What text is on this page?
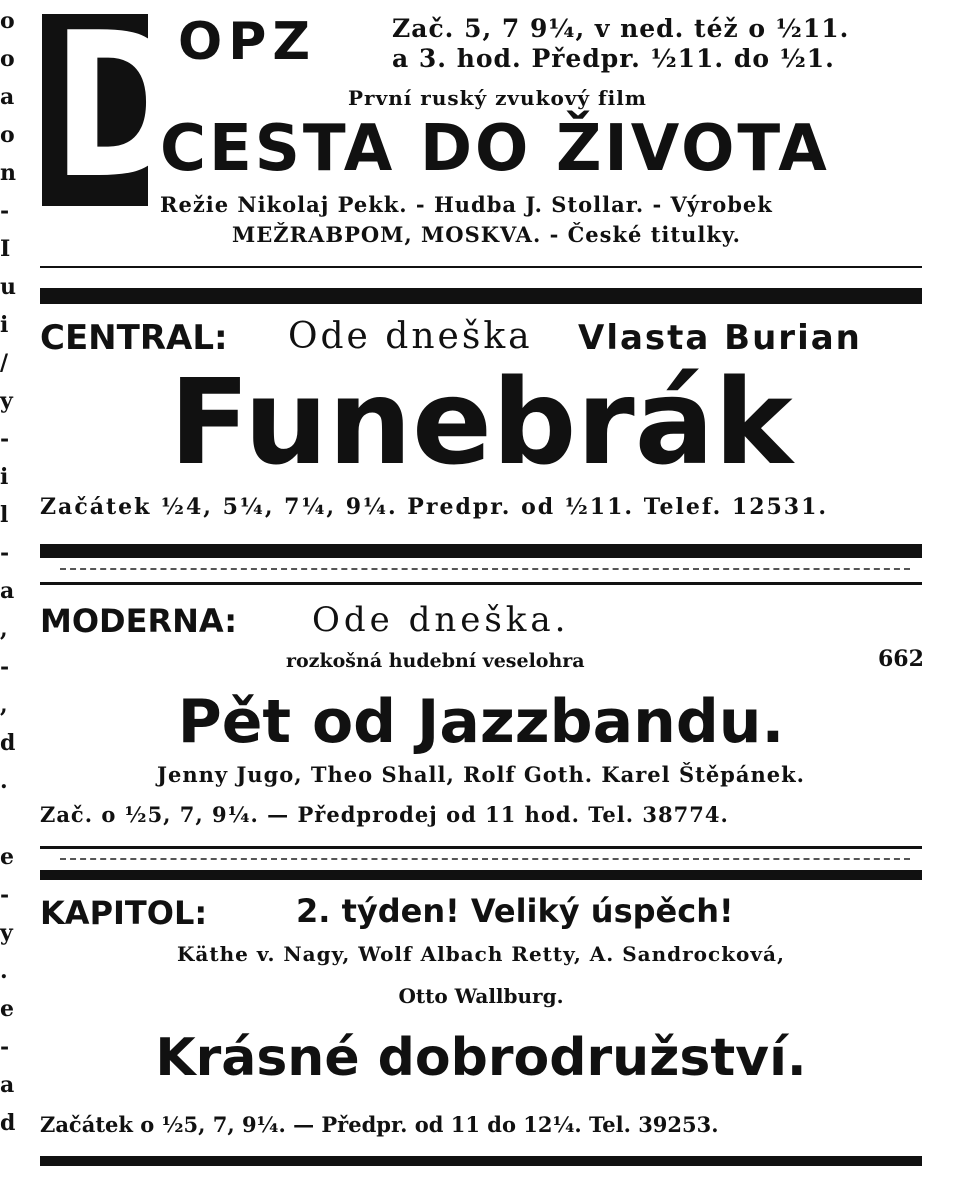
o
o
a
o
n
-
I
u
i
/
y
-
i
l
-
a
,
-
,
d
.
e
-
y
.
e
-
a
d
D
OPZ	Zač. 5, 7 9¼, v ned. též o ½11.
a 3. hod. Předpr. ½11. do ½1.
První ruský zvukový film
CESTA DO ŽIVOTA
Režie Nikolaj Pekk. - Hudba J. Stollar. - Výrobek
MEŽRABPOM, MOSKVA. - České titulky.
CENTRAL: Ode dneška Vlasta Burian
Funebrák
Začátek ½4, 5¼, 7¼, 9¼. Predpr. od ½11. Telef. 12531.
MODERNA: Ode dneška.
rozkošná hudební veselohra	662
Pět od Jazzbandu.
Jenny Jugo, Theo Shall, Rolf Goth. Karel Štěpánek.
Zač. o ½5, 7, 9¼. — Předprodej od 11 hod. Tel. 38774.
KAPITOL:	2. týden! Veliký úspěch!
Käthe v. Nagy, Wolf Albach Retty, A. Sandrocková,
Otto Wallburg.
Krásné dobrodružství.
Začátek o ½5, 7, 9¼. — Předpr. od 11 do 12¼. Tel. 39253.
